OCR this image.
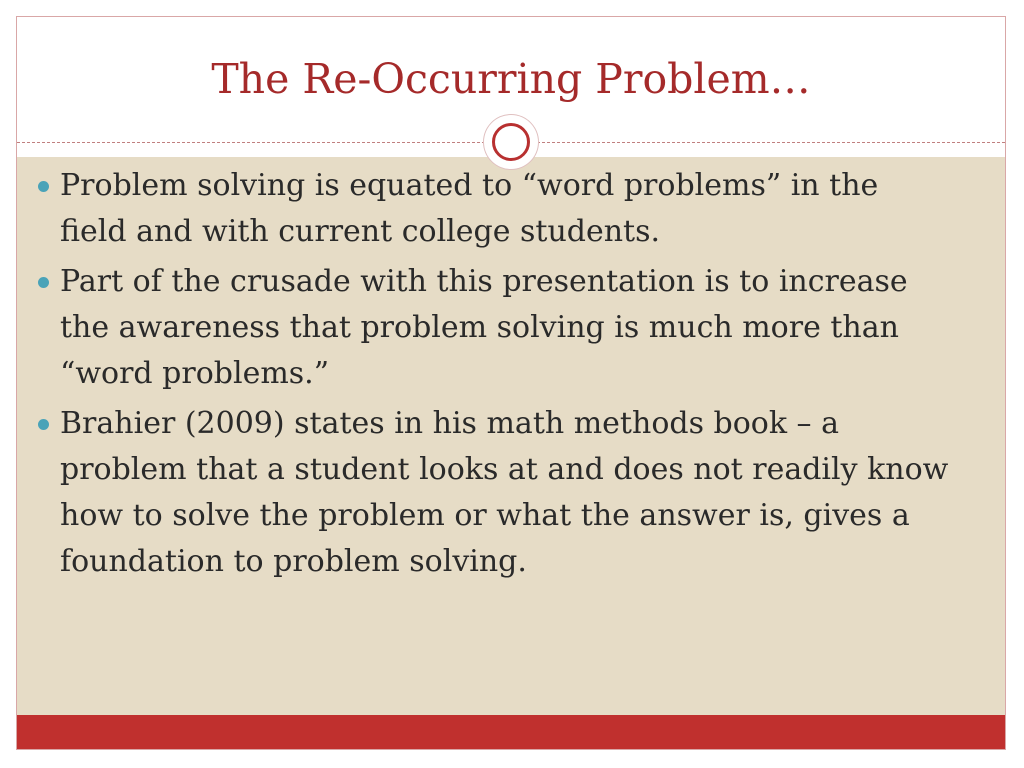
The Re-Occurring Problem…
Problem solving is equated to “word problems” in the field and with current college students.
Part of the crusade with this presentation is to increase the awareness that problem solving is much more than “word problems.”
Brahier (2009) states in his math methods book – a problem that a student looks at and does not readily know how to solve the problem or what the answer is, gives a foundation to problem solving.
